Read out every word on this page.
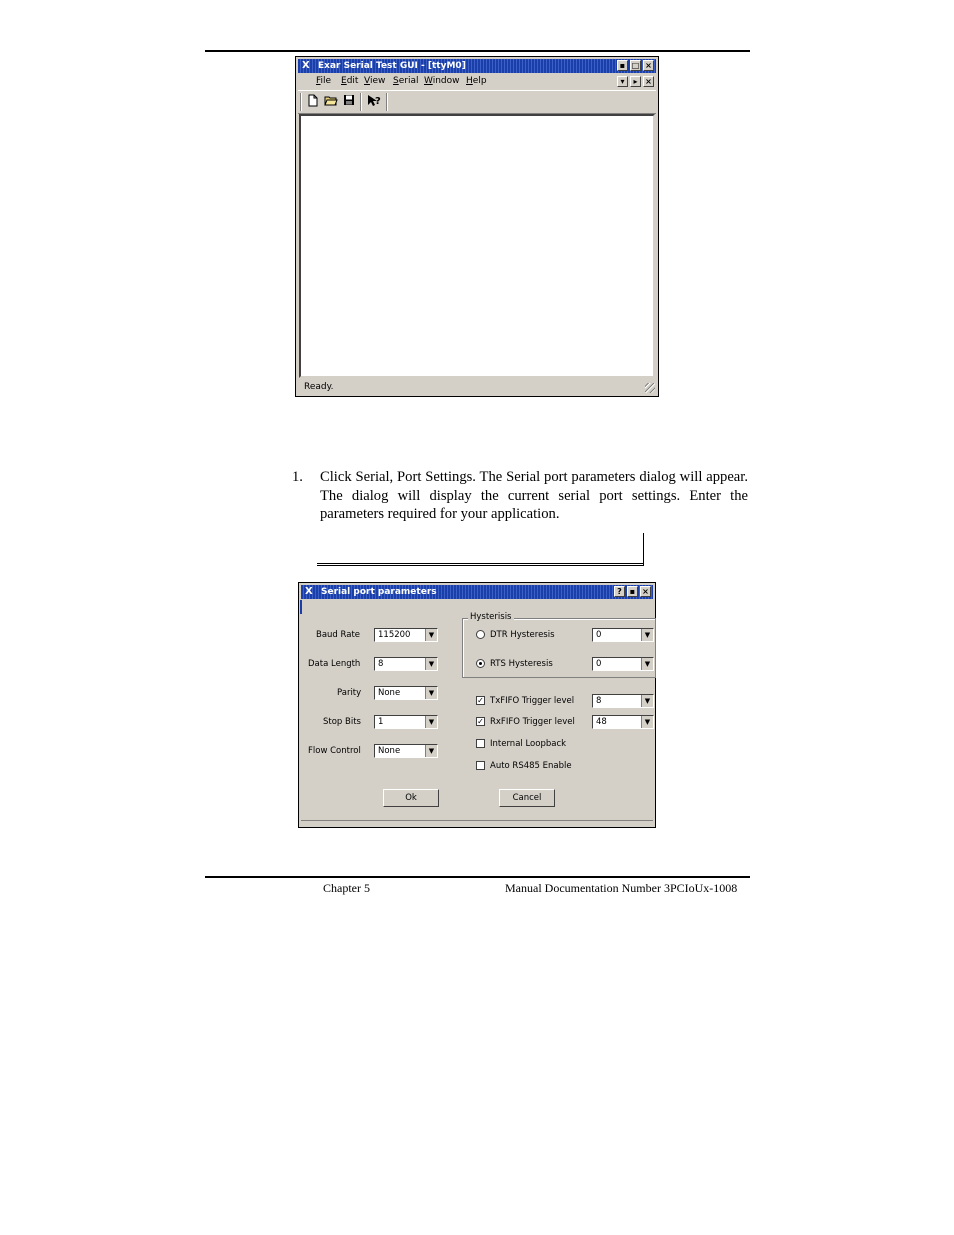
X Exar Serial Test GUI - [ttyM0]	▪ □ ×
File Edit View Serial Window Help	▾	▸ ×
?
Ready.
1. Click Serial, Port Settings. The Serial port parameters dialog will appear. The dialog will display the current serial port settings. Enter the parameters required for your application.
X Serial port parameters	? ▪ ×
Baud Rate	115200	▼
Data Length	8	▼
Parity	None	▼
Stop Bits	1	▼
Flow Control	None	▼
Hysterisis
DTR Hysteresis	0	▼
RTS Hysteresis	0	▼
✓ TxFIFO Trigger level	8	▼
✓ RxFIFO Trigger level	48	▼
Internal Loopback
Auto RS485 Enable
Ok	Cancel
Chapter 5	Manual Documentation Number 3PCIoUx-1008
